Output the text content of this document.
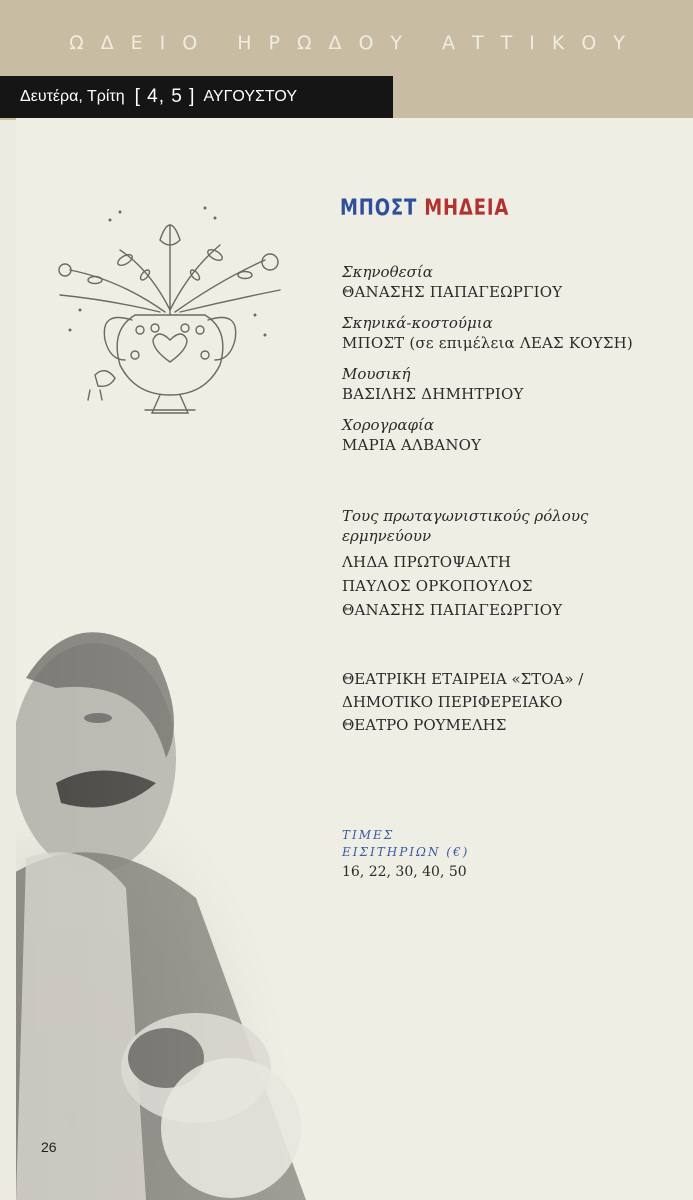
ΩΔΕΙΟ ΗΡΩΔΟΥ ΑΤΤΙΚΟΥ
Δευτέρα, Τρίτη [ 4, 5 ] ΑΥΓΟΥΣΤΟΥ
ΜΠΟΣΤ ΜΗΔΕΙΑ
Σκηνοθεσία
ΘΑΝΑΣΗΣ ΠΑΠΑΓΕΩΡΓΙΟΥ
Σκηνικά-κοστούμια
ΜΠΟΣΤ (σε επιμέλεια ΛΕΑΣ ΚΟΥΣΗ)
Μουσική
ΒΑΣΙΛΗΣ ΔΗΜΗΤΡΙΟΥ
Χορογραφία
ΜΑΡΙΑ ΑΛΒΑΝΟΥ
Τους πρωταγωνιστικούς ρόλους ερμηνεύουν
ΛΗΔΑ ΠΡΩΤΟΨΑΛΤΗ
ΠΑΥΛΟΣ ΟΡΚΟΠΟΥΛΟΣ
ΘΑΝΑΣΗΣ ΠΑΠΑΓΕΩΡΓΙΟΥ
ΘΕΑΤΡΙΚΗ ΕΤΑΙΡΕΙΑ «ΣΤΟΑ» /
ΔΗΜΟΤΙΚΟ ΠΕΡΙΦΕΡΕΙΑΚΟ
ΘΕΑΤΡΟ ΡΟΥΜΕΛΗΣ
ΤΙΜΕΣ
ΕΙΣΙΤΗΡΙΩΝ (€)
16, 22, 30, 40, 50
26
